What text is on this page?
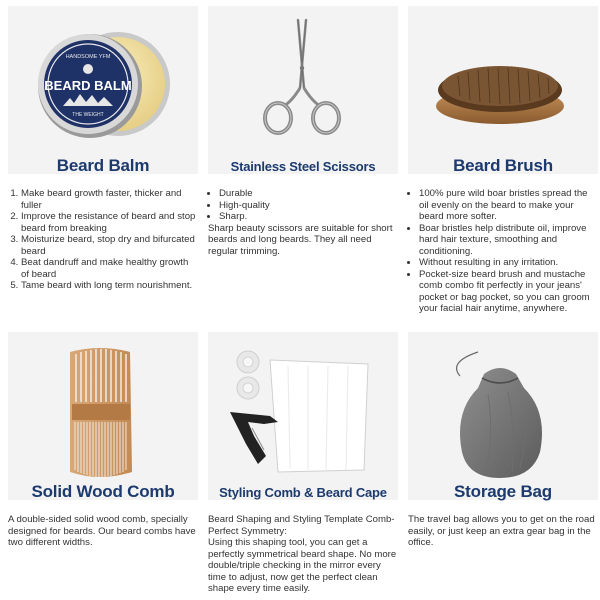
HANDSOME YFM
BEARD BALM
THE WEIGHT
Beard Balm
1. Make beard growth faster, thicker and fuller
2. Improve the resistance of beard and stop beard from breaking
3. Moisturize beard, stop dry and bifurcated beard
4. Beat dandruff and make healthy growth of beard
5. Tame beard with long term nourishment.
Stainless Steel Scissors
• Durable
• High-quality
• Sharp.

Sharp beauty scissors are suitable for short beards and long beards. They all need regular trimming.

Beard Brush
• 100% pure wild boar bristles spread the oil evenly on the beard to make your beard more softer.
• Boar bristles help distribute oil, improve hard hair texture, smoothing and conditioning.
• Without resulting in any irritation.
• Pocket-size beard brush and mustache comb combo fit perfectly in your jeans' pocket or bag pocket, so you can groom your facial hair anytime, anywhere.
Solid Wood Comb

A double-sided solid wood comb, specially designed for beards. Our beard combs have two different widths.

Styling Comb & Beard Cape

Beard Shaping and Styling Template Comb- Perfect Symmetry:

Using this shaping tool, you can get a perfectly symmetrical beard shape. No more double/triple checking in the mirror every time to adjust, now get the perfect clean shape every time easily.

Storage Bag

The travel bag allows you to get on the road easily, or just keep an extra gear bag in the office.
